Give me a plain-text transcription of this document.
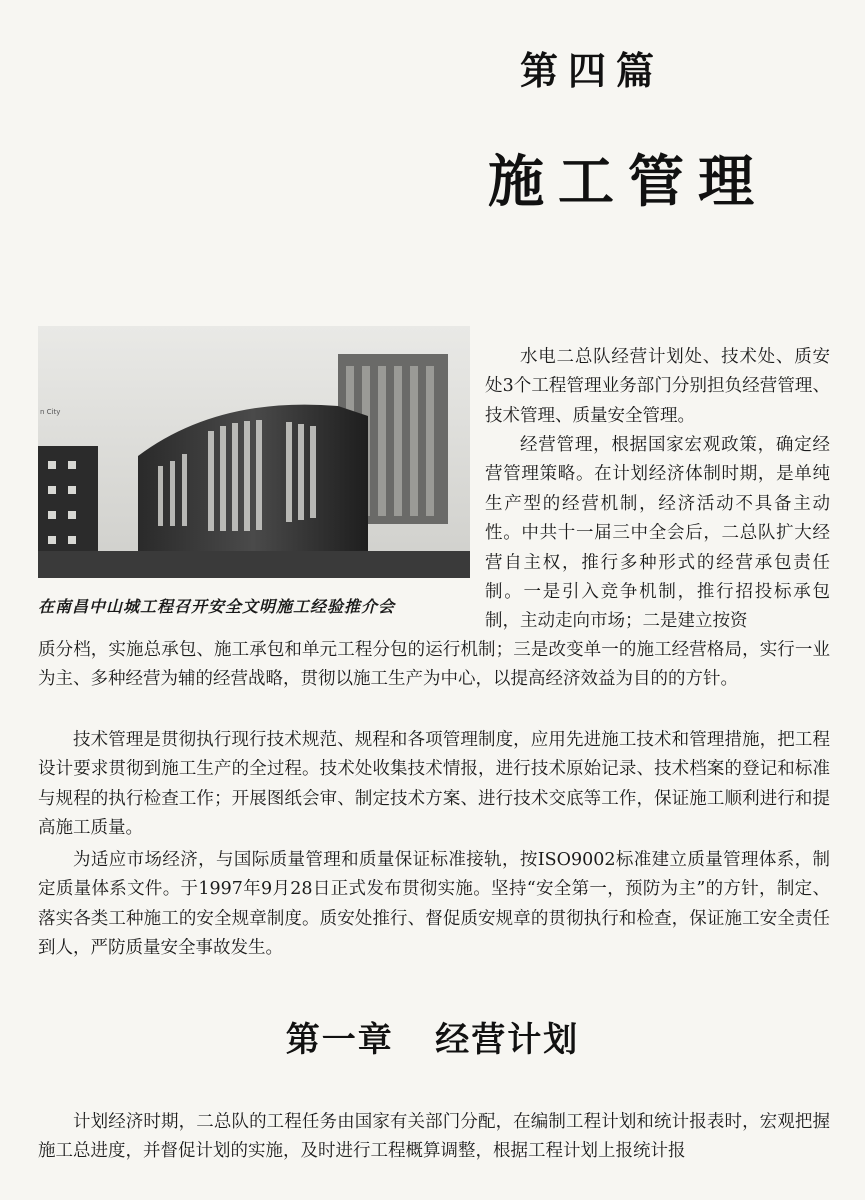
第四篇
施工管理
n City
在南昌中山城工程召开安全文明施工经验推介会

水电二总队经营计划处、技术处、质安处3个工程管理业务部门分别担负经营管理、技术管理、质量安全管理。

经营管理，根据国家宏观政策，确定经营管理策略。在计划经济体制时期，是单纯生产型的经营机制，经济活动不具备主动性。中共十一届三中全会后，二总队扩大经营自主权，推行多种形式的经营承包责任制。一是引入竞争机制，推行招投标承包制，主动走向市场；二是建立按资

质分档，实施总承包、施工承包和单元工程分包的运行机制；三是改变单一的施工经营格局，实行一业为主、多种经营为辅的经营战略，贯彻以施工生产为中心，以提高经济效益为目的的方针。

技术管理是贯彻执行现行技术规范、规程和各项管理制度，应用先进施工技术和管理措施，把工程设计要求贯彻到施工生产的全过程。技术处收集技术情报，进行技术原始记录、技术档案的登记和标准与规程的执行检查工作；开展图纸会审、制定技术方案、进行技术交底等工作，保证施工顺利进行和提高施工质量。

为适应市场经济，与国际质量管理和质量保证标准接轨，按ISO9002标准建立质量管理体系，制定质量体系文件。于1997年9月28日正式发布贯彻实施。坚持“安全第一，预防为主”的方针，制定、落实各类工种施工的安全规章制度。质安处推行、督促质安规章的贯彻执行和检查，保证施工安全责任到人，严防质量安全事故发生。

第一章   经营计划

计划经济时期，二总队的工程任务由国家有关部门分配，在编制工程计划和统计报表时，宏观把握施工总进度，并督促计划的实施，及时进行工程概算调整，根据工程计划上报统计报
